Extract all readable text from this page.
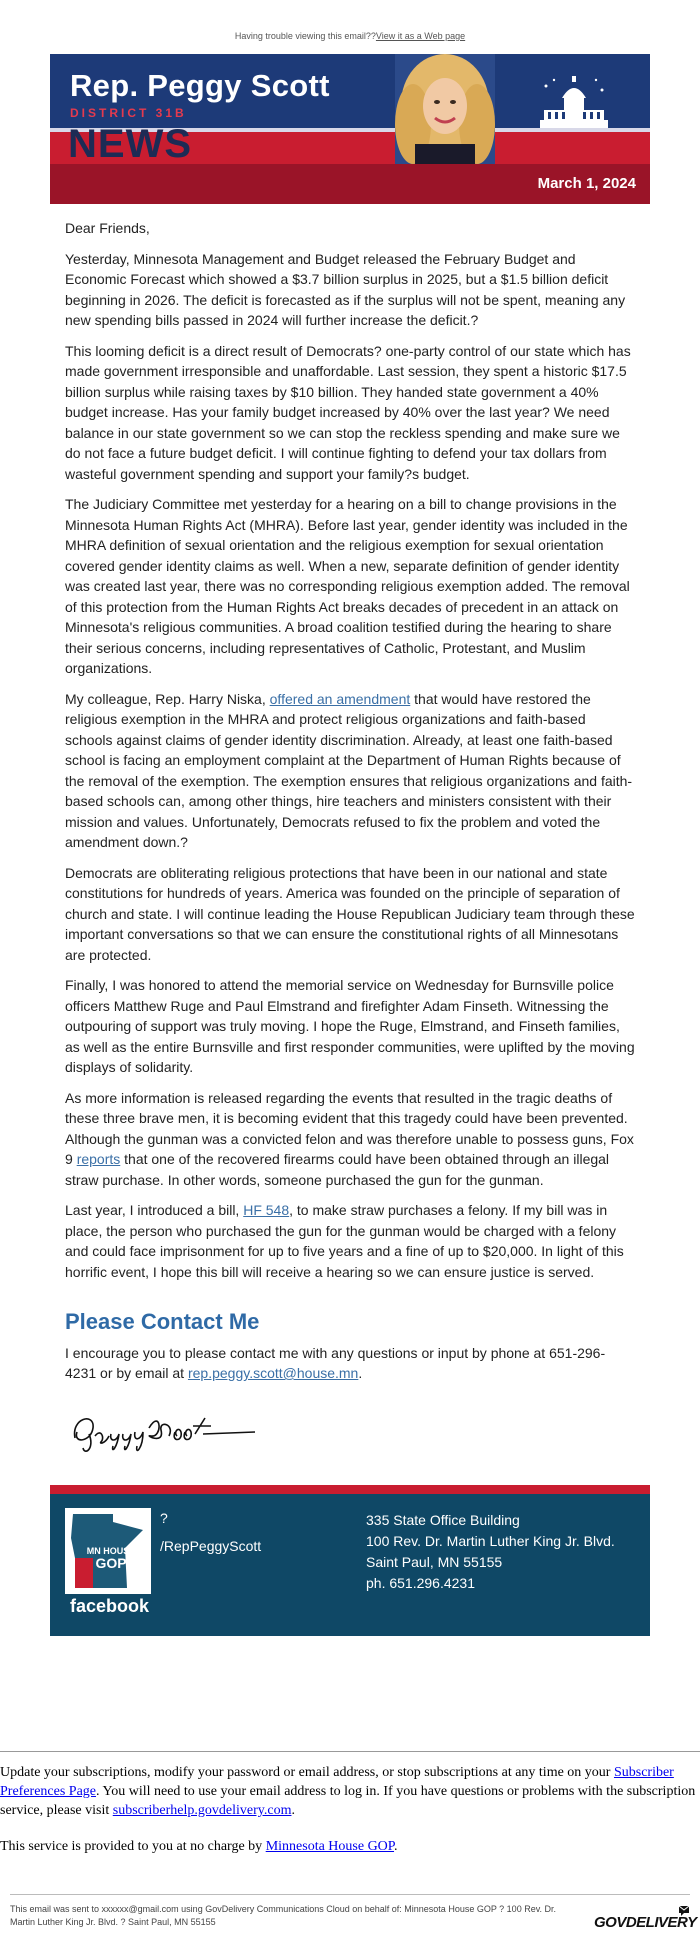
Having trouble viewing this email??View it as a Web page
Rep. Peggy Scott
DISTRICT 31B
NEWS
March 1, 2024

Dear Friends,

Yesterday, Minnesota Management and Budget released the February Budget and Economic Forecast which showed a $3.7 billion surplus in 2025, but a $1.5 billion deficit beginning in 2026. The deficit is forecasted as if the surplus will not be spent, meaning any new spending bills passed in 2024 will further increase the deficit.?

This looming deficit is a direct result of Democrats? one-party control of our state which has made government irresponsible and unaffordable. Last session, they spent a historic $17.5 billion surplus while raising taxes by $10 billion. They handed state government a 40% budget increase. Has your family budget increased by 40% over the last year? We need balance in our state government so we can stop the reckless spending and make sure we do not face a future budget deficit. I will continue fighting to defend your tax dollars from wasteful government spending and support your family?s budget.

The Judiciary Committee met yesterday for a hearing on a bill to change provisions in the Minnesota Human Rights Act (MHRA). Before last year, gender identity was included in the MHRA definition of sexual orientation and the religious exemption for sexual orientation covered gender identity claims as well. When a new, separate definition of gender identity was created last year, there was no corresponding religious exemption added. The removal of this protection from the Human Rights Act breaks decades of precedent in an attack on Minnesota's religious communities. A broad coalition testified during the hearing to share their serious concerns, including representatives of Catholic, Protestant, and Muslim organizations.

My colleague, Rep. Harry Niska, offered an amendment that would have restored the religious exemption in the MHRA and protect religious organizations and faith-based schools against claims of gender identity discrimination. Already, at least one faith-based school is facing an employment complaint at the Department of Human Rights because of the removal of the exemption. The exemption ensures that religious organizations and faith-based schools can, among other things, hire teachers and ministers consistent with their mission and values. Unfortunately, Democrats refused to fix the problem and voted the amendment down.?

Democrats are obliterating religious protections that have been in our national and state constitutions for hundreds of years. America was founded on the principle of separation of church and state. I will continue leading the House Republican Judiciary team through these important conversations so that we can ensure the constitutional rights of all Minnesotans are protected.

Finally, I was honored to attend the memorial service on Wednesday for Burnsville police officers Matthew Ruge and Paul Elmstrand and firefighter Adam Finseth. Witnessing the outpouring of support was truly moving. I hope the Ruge, Elmstrand, and Finseth families, as well as the entire Burnsville and first responder communities, were uplifted by the moving displays of solidarity.

As more information is released regarding the events that resulted in the tragic deaths of these three brave men, it is becoming evident that this tragedy could have been prevented. Although the gunman was a convicted felon and was therefore unable to possess guns, Fox 9 reports that one of the recovered firearms could have been obtained through an illegal straw purchase. In other words, someone purchased the gun for the gunman.

Last year, I introduced a bill, HF 548, to make straw purchases a felony. If my bill was in place, the person who purchased the gun for the gunman would be charged with a felony and could face imprisonment for up to five years and a fine of up to $20,000. In light of this horrific event, I hope this bill will receive a hearing so we can ensure justice is served.

Please Contact Me

I encourage you to please contact me with any questions or input by phone at 651-296-4231 or by email at rep.peggy.scott@house.mn.

MN HOUSE
GOP
facebook
?
/RepPeggyScott
335 State Office Building
100 Rev. Dr. Martin Luther King Jr. Blvd.
Saint Paul, MN 55155
ph. 651.296.4231

Update your subscriptions, modify your password or email address, or stop subscriptions at any time on your Subscriber Preferences Page. You will need to use your email address to log in. If you have questions or problems with the subscription service, please visit subscriberhelp.govdelivery.com.

This service is provided to you at no charge by Minnesota House GOP.

This email was sent to xxxxxx@gmail.com using GovDelivery Communications Cloud on behalf of: Minnesota House GOP ? 100 Rev. Dr. Martin Luther King Jr. Blvd. ? Saint Paul, MN 55155	GOVDELIVERY
